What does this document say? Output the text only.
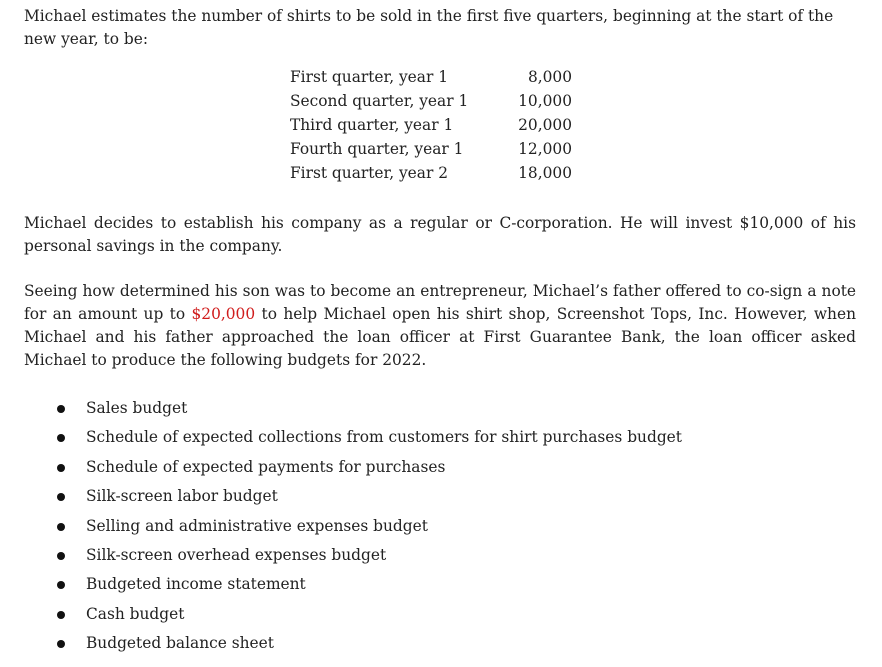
Michael estimates the number of shirts to be sold in the first five quarters, beginning at the start of the new year, to be:

First quarter, year 1	8,000
Second quarter, year 1	10,000
Third quarter, year 1	20,000
Fourth quarter, year 1	12,000
First quarter, year 2	18,000

Michael decides to establish his company as a regular or C-corporation. He will invest $10,000 of his personal savings in the company.

Seeing how determined his son was to become an entrepreneur, Michael’s father offered to co-sign a note for an amount up to $20,000 to help Michael open his shirt shop, Screenshot Tops, Inc. However, when Michael and his father approached the loan officer at First Guarantee Bank, the loan officer asked Michael to produce the following budgets for 2022.

Sales budget
Schedule of expected collections from customers for shirt purchases budget
Schedule of expected payments for purchases
Silk-screen labor budget
Selling and administrative expenses budget
Silk-screen overhead expenses budget
Budgeted income statement
Cash budget
Budgeted balance sheet
